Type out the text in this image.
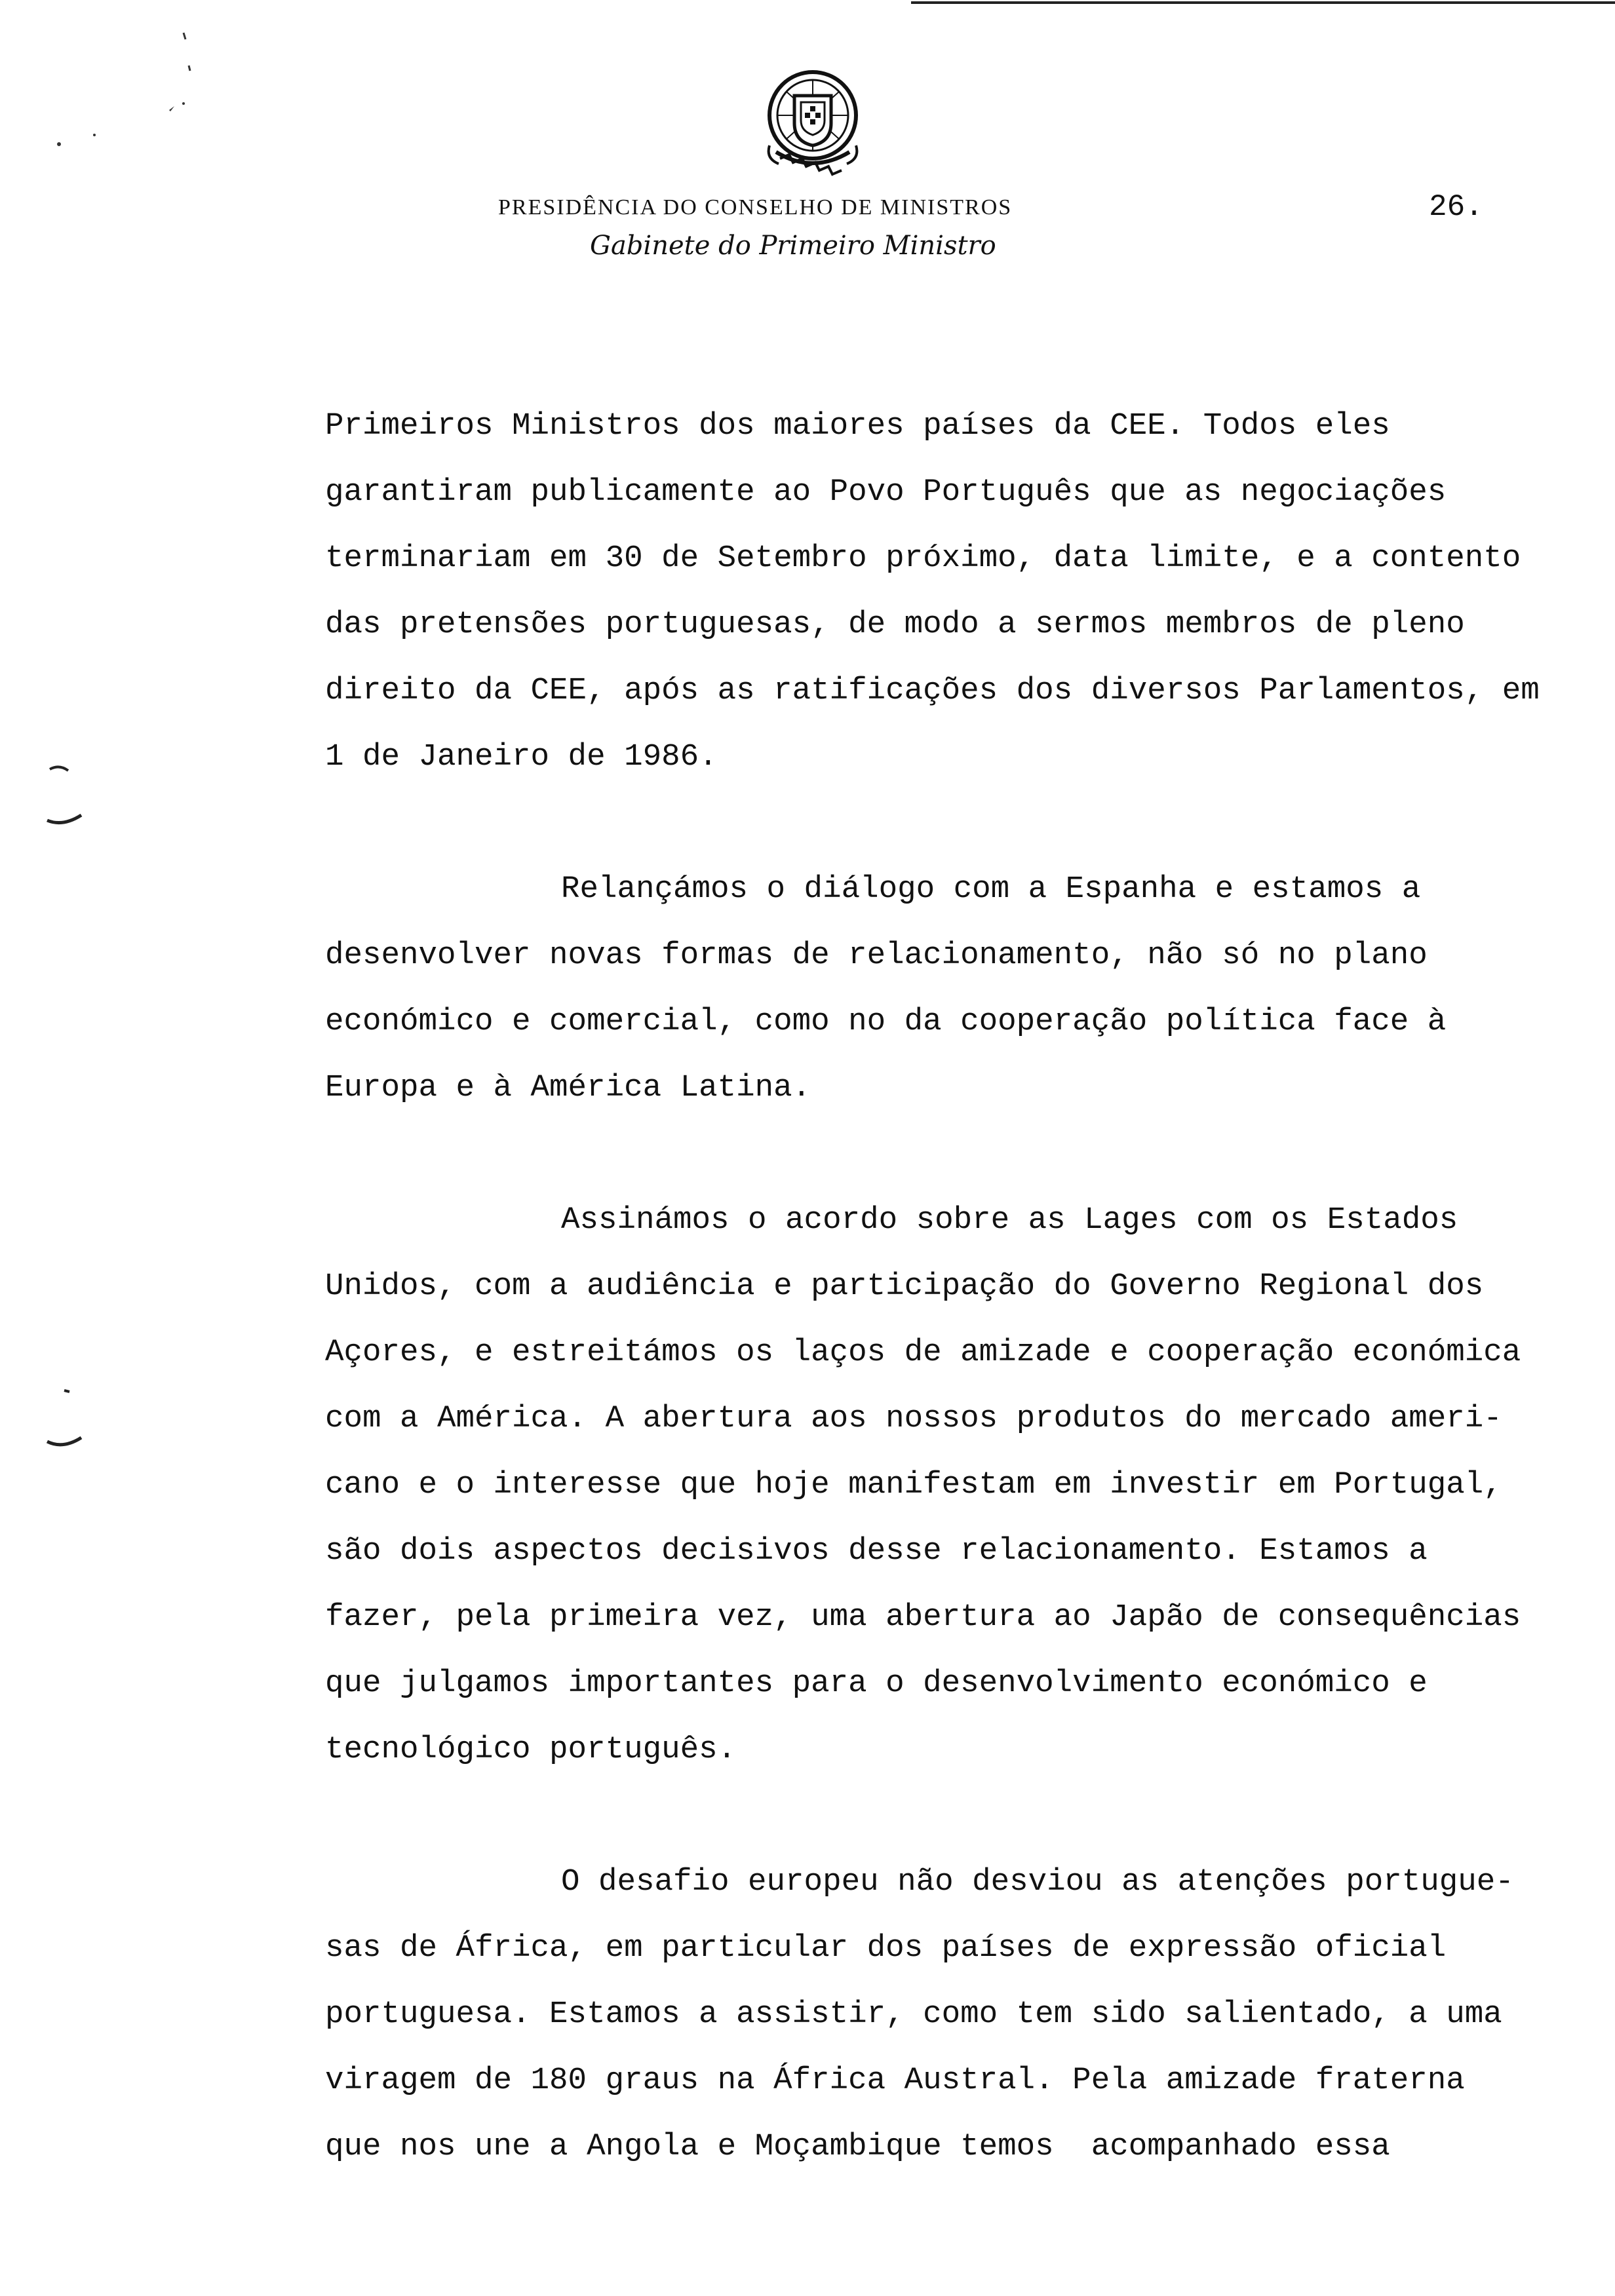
PRESIDÊNCIA DO CONSELHO DE MINISTROS
Gabinete do Primeiro Ministro
26.
Primeiros Ministros dos maiores países da CEE. Todos eles
garantiram publicamente ao Povo Português que as negociações
terminariam em 30 de Setembro próximo, data limite, e a contento
das pretensões portuguesas, de modo a sermos membros de pleno
direito da CEE, após as ratificações dos diversos Parlamentos, em
1 de Janeiro de 1986.
Relançámos o diálogo com a Espanha e estamos a
desenvolver novas formas de relacionamento, não só no plano
económico e comercial, como no da cooperação política face à
Europa e à América Latina.
Assinámos o acordo sobre as Lages com os Estados
Unidos, com a audiência e participação do Governo Regional dos
Açores, e estreitámos os laços de amizade e cooperação económica
com a América. A abertura aos nossos produtos do mercado ameri-
cano e o interesse que hoje manifestam em investir em Portugal,
são dois aspectos decisivos desse relacionamento. Estamos a
fazer, pela primeira vez, uma abertura ao Japão de consequências
que julgamos importantes para o desenvolvimento económico e
tecnológico português.
O desafio europeu não desviou as atenções portugue-
sas de África, em particular dos países de expressão oficial
portuguesa. Estamos a assistir, como tem sido salientado, a uma
viragem de 180 graus na África Austral. Pela amizade fraterna
que nos une a Angola e Moçambique temos  acompanhado essa
